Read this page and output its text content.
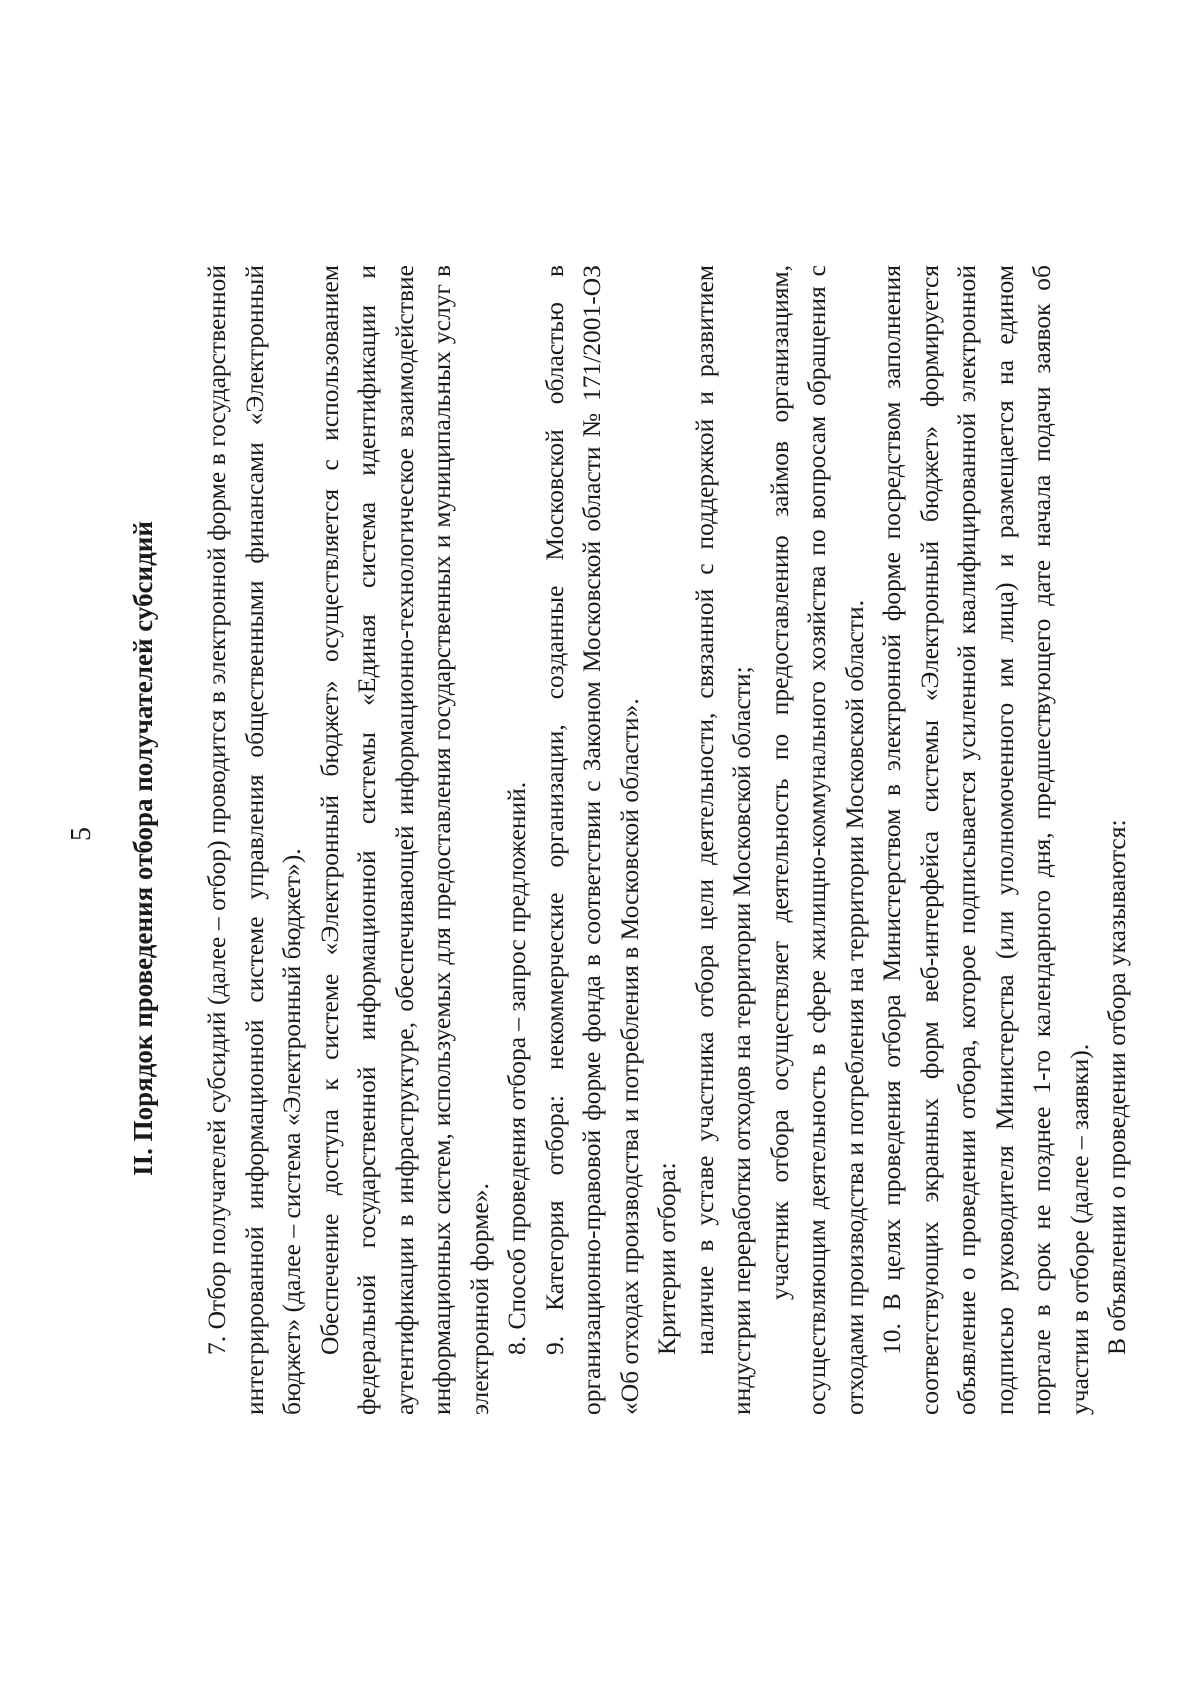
5 II. Порядок проведения отбора получателей субсидий 7. Отбор получателей субсидий (далее – отбор) проводится в электронной форме в государственной интегрированной информационной системе управления общественными финансами «Электронный бюджет» (далее – система «Электронный бюджет»). Обеспечение доступа к системе «Электронный бюджет» осуществляется с использованием федеральной государственной информационной системы «Единая система идентификации и аутентификации в инфраструктуре, обеспечивающей информационно-технологическое взаимодействие информационных систем, используемых для предоставления государственных и муниципальных услуг в электронной форме». 8. Способ проведения отбора – запрос предложений. 9. Категория отбора: некоммерческие организации, созданные Московской областью в организационно-правовой форме фонда в соответствии с Законом Московской области № 171/2001-ОЗ «Об отходах производства и потребления в Московской области». Критерии отбора: наличие в уставе участника отбора цели деятельности, связанной с поддержкой и развитием индустрии переработки отходов на территории Московской области; участник отбора осуществляет деятельность по предоставлению займов организациям, осуществляющим деятельность в сфере жилищно-коммунального хозяйства по вопросам обращения с отходами производства и потребления на территории Московской области. 10. В целях проведения отбора Министерством в электронной форме посредством заполнения соответствующих экранных форм веб-интерфейса системы «Электронный бюджет» формируется объявление о проведении отбора, которое подписывается усиленной квалифицированной электронной подписью руководителя Министерства (или уполномоченного им лица) и размещается на едином портале в срок не позднее 1-го календарного дня, предшествующего дате начала подачи заявок об участии в отборе (далее – заявки). В объявлении о проведении отбора указываются:
